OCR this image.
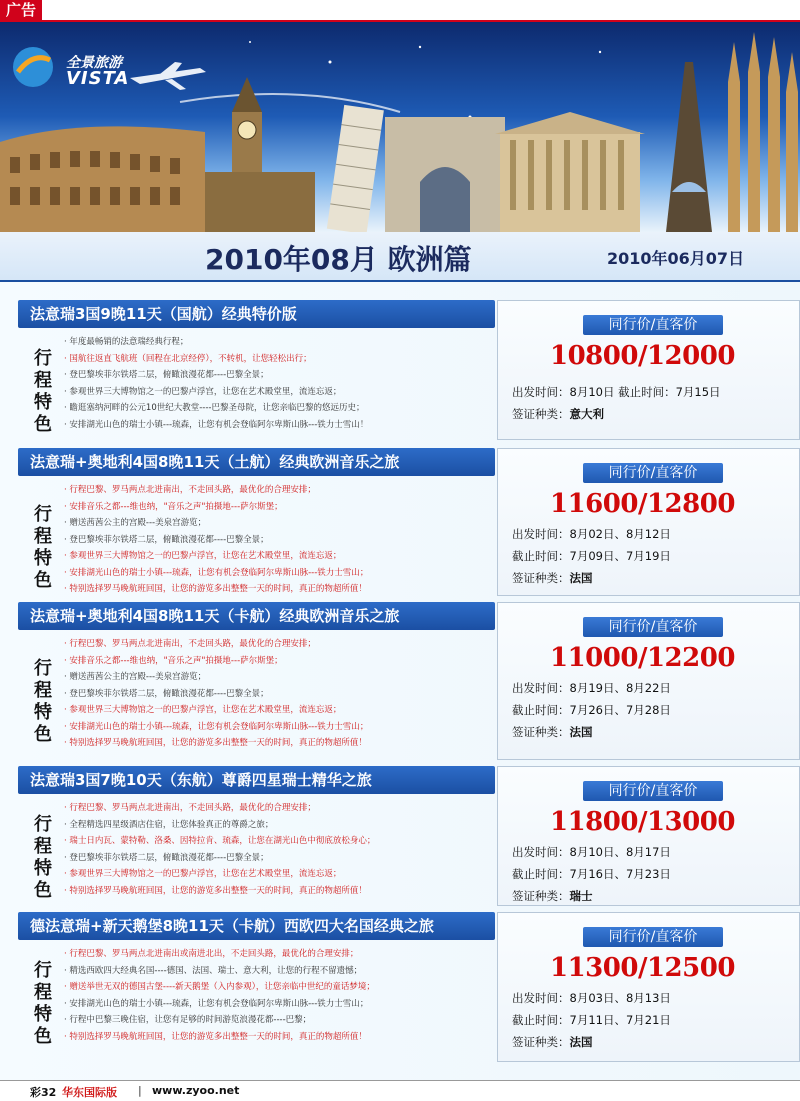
广告
全景旅游
VISTA
2010年08月 欧洲篇	2010年06月07日
法意瑞3国9晚11天（国航）经典特价版
行
程
特
色
· 年度最畅销的法意瑞经典行程；
· 国航往返直飞航班（回程在北京经停），不转机，让您轻松出行；
· 登巴黎埃菲尔铁塔二层，俯瞰浪漫花都----巴黎全景；
· 参观世界三大博物馆之一的巴黎卢浮宫，让您在艺术殿堂里，流连忘返；
· 瞻逛塞纳河畔的公元10世纪大教堂----巴黎圣母院，让您亲临巴黎的悠远历史；
· 安排湖光山色的瑞士小镇---琉森，让您有机会登临阿尔卑斯山脉---铁力士雪山！
同行价/直客价
10800/12000
出发时间：8月10日 截止时间：7月15日
签证种类：意大利
法意瑞+奥地利4国8晚11天（土航）经典欧洲音乐之旅
行
程
特
色
· 行程巴黎、罗马两点北进南出，不走回头路，最优化的合理安排；
· 安排音乐之都---维也纳，"音乐之声"拍摄地---萨尔斯堡；
· 赠送茜茜公主的宫殿---美泉宫游览；
· 登巴黎埃菲尔铁塔二层，俯瞰浪漫花都----巴黎全景；
· 参观世界三大博物馆之一的巴黎卢浮宫，让您在艺术殿堂里，流连忘返；
· 安排湖光山色的瑞士小镇---琉森，让您有机会登临阿尔卑斯山脉---铁力士雪山；
· 特别选择罗马晚航班回国，让您的游览多出整整一天的时间，真正的物超所值！
同行价/直客价
11600/12800
出发时间：8月02日、8月12日
截止时间：7月09日、7月19日
签证种类：法国
法意瑞+奥地利4国8晚11天（卡航）经典欧洲音乐之旅
行
程
特
色
· 行程巴黎、罗马两点北进南出，不走回头路，最优化的合理安排；
· 安排音乐之都---维也纳，"音乐之声"拍摄地---萨尔斯堡；
· 赠送茜茜公主的宫殿---美泉宫游览；
· 登巴黎埃菲尔铁塔二层，俯瞰浪漫花都----巴黎全景；
· 参观世界三大博物馆之一的巴黎卢浮宫，让您在艺术殿堂里，流连忘返；
· 安排湖光山色的瑞士小镇---琉森，让您有机会登临阿尔卑斯山脉---铁力士雪山；
· 特别选择罗马晚航班回国，让您的游览多出整整一天的时间，真正的物超所值！
同行价/直客价
11000/12200
出发时间：8月19日、8月22日
截止时间：7月26日、7月28日
签证种类：法国
法意瑞3国7晚10天（东航）尊爵四星瑞士精华之旅
行
程
特
色
· 行程巴黎、罗马两点北进南出，不走回头路，最优化的合理安排；
· 全程精选四星级酒店住宿，让您体验真正的尊爵之旅；
· 瑞士日内瓦、蒙特勒、洛桑、因特拉肯、琉森，让您在湖光山色中彻底放松身心；
· 登巴黎埃菲尔铁塔二层，俯瞰浪漫花都----巴黎全景；
· 参观世界三大博物馆之一的巴黎卢浮宫，让您在艺术殿堂里，流连忘返；
· 特别选择罗马晚航班回国，让您的游览多出整整一天的时间，真正的物超所值！
同行价/直客价
11800/13000
出发时间：8月10日、8月17日
截止时间：7月16日、7月23日
签证种类：瑞士
德法意瑞+新天鹅堡8晚11天（卡航）西欧四大名国经典之旅
行
程
特
色
· 行程巴黎、罗马两点北进南出或南进北出，不走回头路，最优化的合理安排；
· 精选西欧四大经典名国----德国、法国、瑞士、意大利，让您的行程不留遗憾；
· 赠送举世无双的德国古堡----新天鹅堡（入内参观），让您亲临中世纪的童话梦境；
· 安排湖光山色的瑞士小镇---琉森，让您有机会登临阿尔卑斯山脉---铁力士雪山；
· 行程中巴黎三晚住宿，让您有足够的时间游览浪漫花都----巴黎；
· 特别选择罗马晚航班回国，让您的游览多出整整一天的时间，真正的物超所值！
同行价/直客价
11300/12500
出发时间：8月03日、8月13日
截止时间：7月11日、7月21日
签证种类：法国
彩32 华东国际版 | www.zyoo.net
